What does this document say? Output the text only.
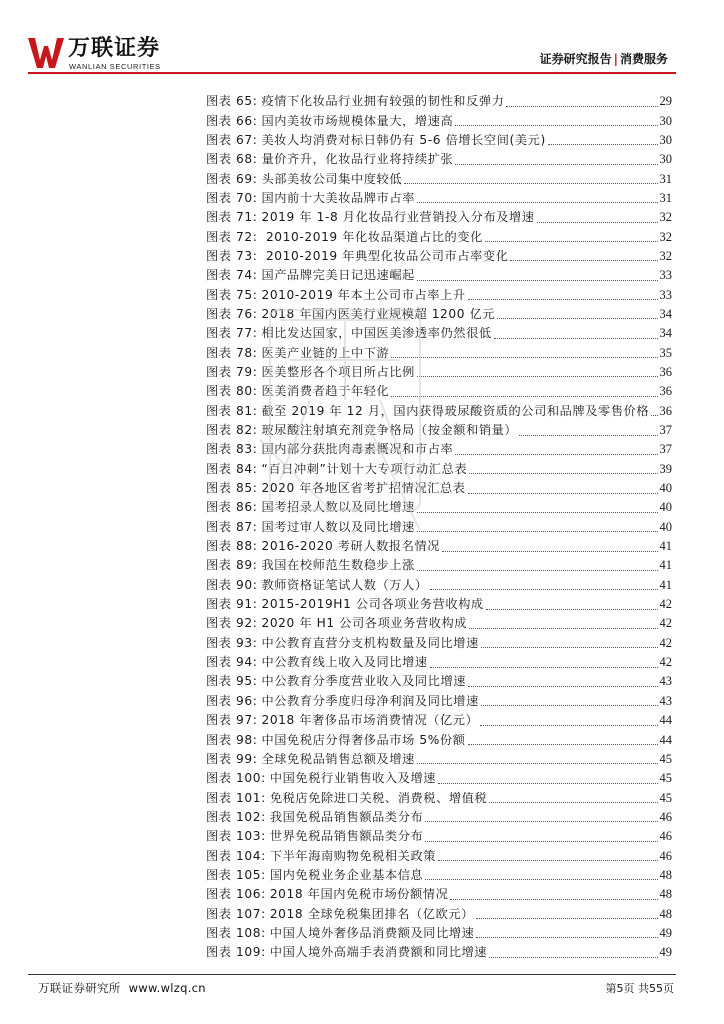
万联证券
WANLIAN SECURITIES
证券研究报告 | 消费服务
图表 65: 疫情下化妆品行业拥有较强的韧性和反弹力	29
图表 66: 国内美妆市场规模体量大，增速高	30
图表 67: 美妆人均消费对标日韩仍有 5-6 倍增长空间(美元)	30
图表 68: 量价齐升，化妆品行业将持续扩张	30
图表 69: 头部美妆公司集中度较低	31
图表 70: 国内前十大美妆品牌市占率	31
图表 71: 2019 年 1-8 月化妆品行业营销投入分布及增速	32
图表 72: 2010-2019 年化妆品渠道占比的变化	32
图表 73: 2010-2019 年典型化妆品公司市占率变化	32
图表 74: 国产品牌完美日记迅速崛起	33
图表 75: 2010-2019 年本土公司市占率上升	33
图表 76: 2018 年国内医美行业规模超 1200 亿元	34
图表 77: 相比发达国家，中国医美渗透率仍然很低	34
图表 78: 医美产业链的上中下游	35
图表 79: 医美整形各个项目所占比例	36
图表 80: 医美消费者趋于年轻化	36
图表 81: 截至 2019 年 12 月，国内获得玻尿酸资质的公司和品牌及零售价格 36
图表 82: 玻尿酸注射填充剂竞争格局（按金额和销量）	37
图表 83: 国内部分获批肉毒素概况和市占率	37
图表 84: “百日冲刺”计划十大专项行动汇总表	39
图表 85: 2020 年各地区省考扩招情况汇总表	40
图表 86: 国考招录人数以及同比增速	40
图表 87: 国考过审人数以及同比增速	40
图表 88: 2016-2020 考研人数报名情况	41
图表 89: 我国在校师范生数稳步上涨	41
图表 90: 教师资格证笔试人数（万人）	41
图表 91: 2015-2019H1 公司各项业务营收构成	42
图表 92: 2020 年 H1 公司各项业务营收构成	42
图表 93: 中公教育直营分支机构数量及同比增速	42
图表 94: 中公教育线上收入及同比增速	42
图表 95: 中公教育分季度营业收入及同比增速	43
图表 96: 中公教育分季度归母净利润及同比增速	43
图表 97: 2018 年奢侈品市场消费情况（亿元）	44
图表 98: 中国免税店分得奢侈品市场 5%份额	44
图表 99: 全球免税品销售总额及增速	45
图表 100: 中国免税行业销售收入及增速	45
图表 101: 免税店免除进口关税、消费税、增值税	45
图表 102: 我国免税品销售额品类分布	46
图表 103: 世界免税品销售额品类分布	46
图表 104: 下半年海南购物免税相关政策	46
图表 105: 国内免税业务企业基本信息	48
图表 106: 2018 年国内免税市场份额情况	48
图表 107: 2018 全球免税集团排名（亿欧元）	48
图表 108: 中国人境外奢侈品消费额及同比增速	49
图表 109: 中国人境外高端手表消费额和同比增速	49
万联证券研究所 www.wlzq.cn	第5页 共55页
